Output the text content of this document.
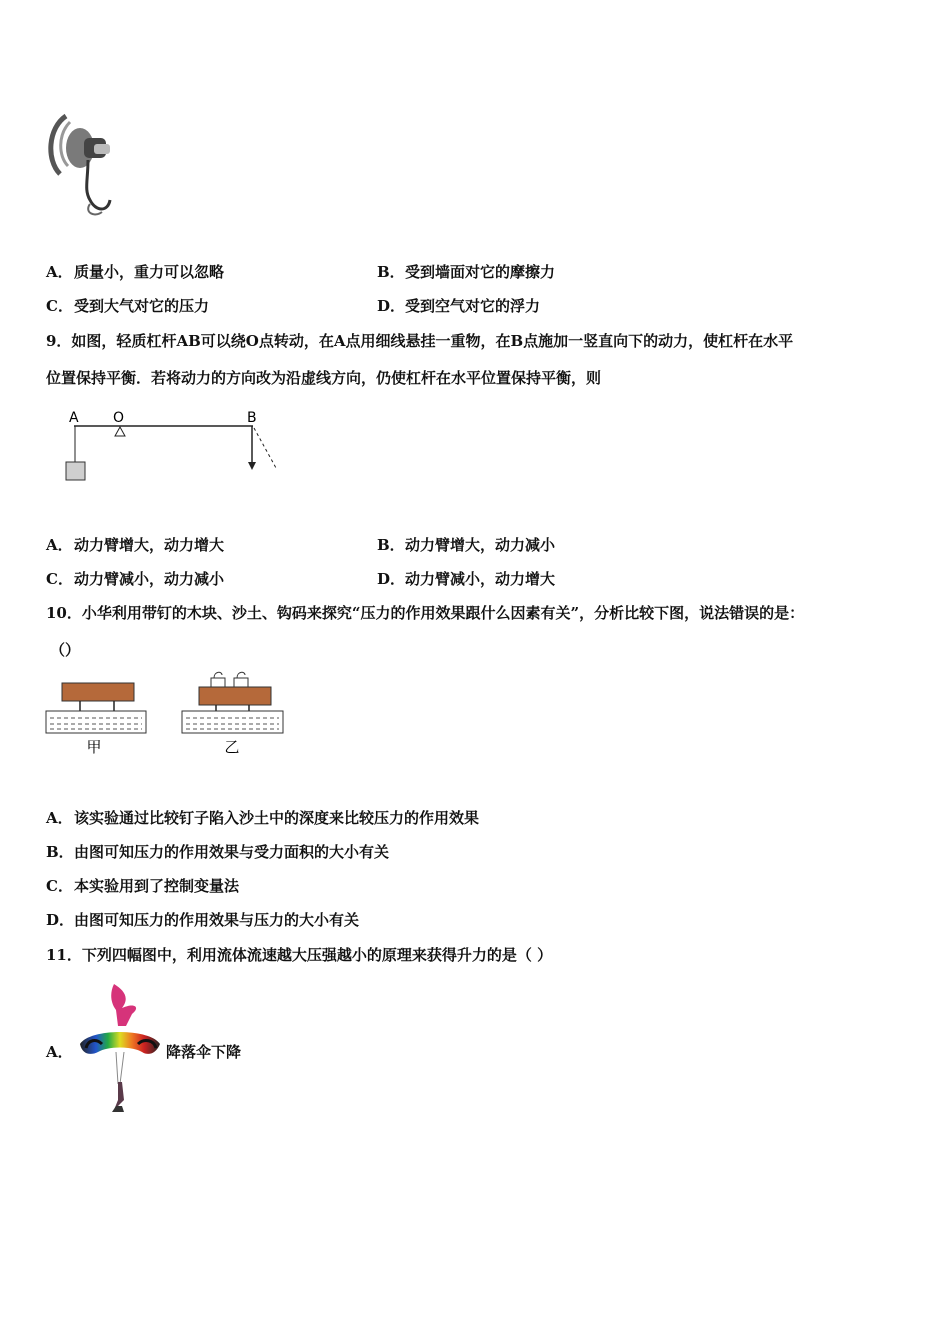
A．质量小，重力可以忽略	B．受到墙面对它的摩擦力
C．受到大气对它的压力	D．受到空气对它的浮力
9．如图，轻质杠杆AB可以绕O点转动，在A点用细线悬挂一重物，在B点施加一竖直向下的动力，使杠杆在水平
位置保持平衡．若将动力的方向改为沿虚线方向，仍使杠杆在水平位置保持平衡，则
A O	B
A．动力臂增大，动力增大	B．动力臂增大，动力减小
C．动力臂减小，动力减小	D．动力臂减小，动力增大
10．小华利用带钉的木块、沙土、钩码来探究“压力的作用效果跟什么因素有关”，分析比较下图，说法错误的是：
（）
甲	乙
A．该实验通过比较钉子陷入沙土中的深度来比较压力的作用效果
B．由图可知压力的作用效果与受力面积的大小有关
C．本实验用到了控制变量法
D．由图可知压力的作用效果与压力的大小有关
11．下列四幅图中，利用流体流速越大压强越小的原理来获得升力的是（ ）
A．	降落伞下降
